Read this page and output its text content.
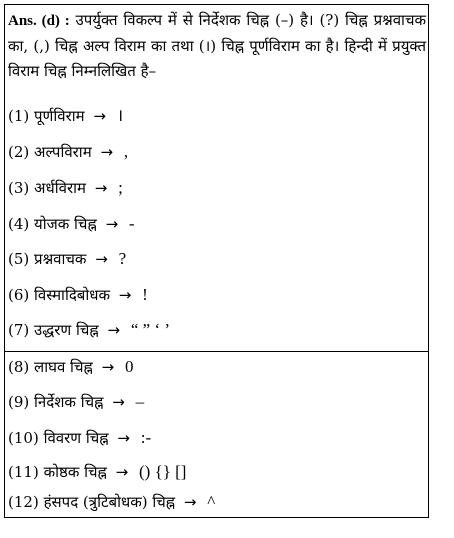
Ans. (d) : उपर्युक्त विकल्प में से निर्देशक चिह्न (–) है। (?) चिह्न प्रश्नवाचक का, (,) चिह्न अल्प विराम का तथा (।) चिह्न पूर्णविराम का है। हिन्दी में प्रयुक्त विराम चिह्न निम्नलिखित है–
(1) पूर्णविराम → ।
(2) अल्पविराम → ,
(3) अर्धविराम → ;
(4) योजक चिह्न → -
(5) प्रश्नवाचक → ?
(6) विस्मादिबोधक → !
(7) उद्धरण चिह्न → “ ” ‘ ’
(8) लाघव चिह्न → 0
(9) निर्देशक चिह्न → –
(10) विवरण चिह्न → :-
(11) कोष्ठक चिह्न → () {} []
(12) हंसपद (त्रुटिबोधक) चिह्न → ^
